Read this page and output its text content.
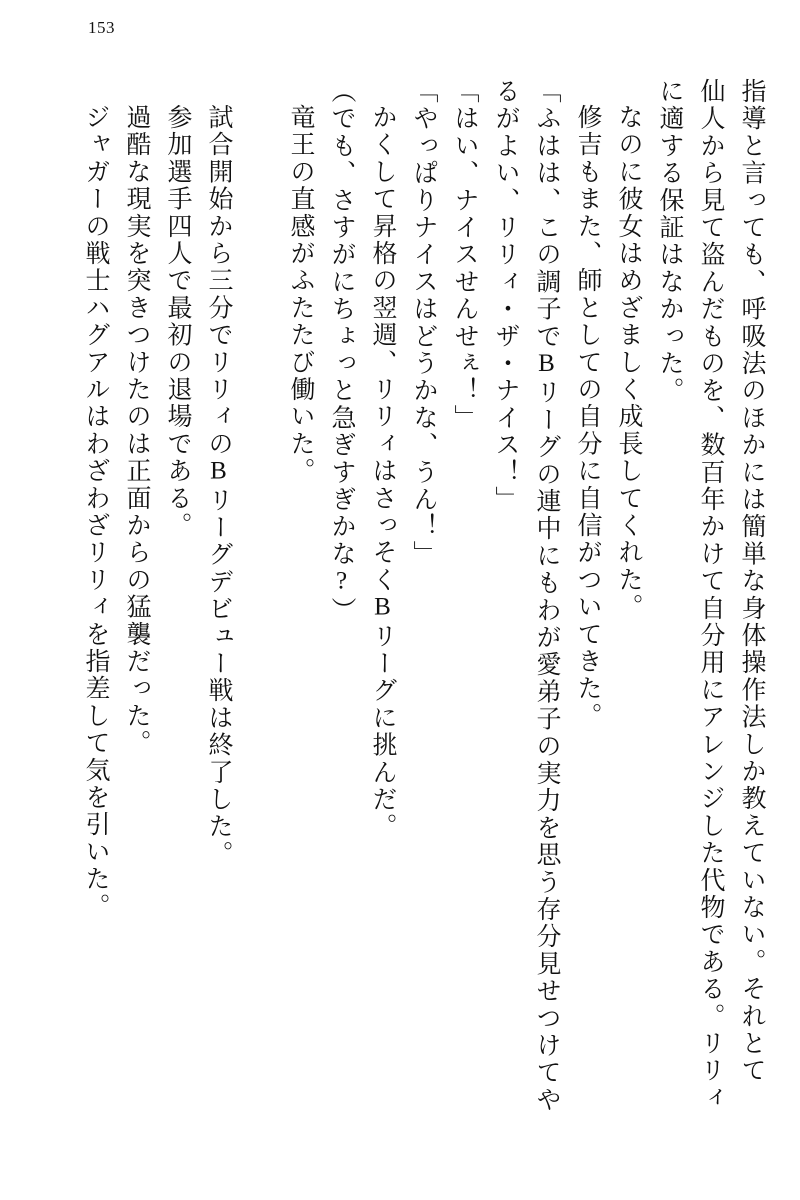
153
指導と言っても、呼吸法のほかには簡単な身体操作法しか教えていない。それとて
仙人から見て盗んだものを、数百年かけて自分用にアレンジした代物である。リリィ
に適する保証はなかった。
なのに彼女はめざましく成長してくれた。
修吉もまた、師としての自分に自信がついてきた。
「ふはは、この調子でBリーグの連中にもわが愛弟子の実力を思う存分見せつけてや
るがよい、リリィ・ザ・ナイス！」
「はい、ナイスせんせぇ！」
「やっぱりナイスはどうかな、うん！」
かくして昇格の翌週、リリィはさっそくBリーグに挑んだ。
（でも、さすがにちょっと急ぎすぎかな?）
竜王の直感がふたたび働いた。
試合開始から三分でリリィのBリーグデビュー戦は終了した。
参加選手四人で最初の退場である。
過酷な現実を突きつけたのは正面からの猛襲だった。
ジャガーの戦士ハグアルはわざわざリリィを指差して気を引いた。
